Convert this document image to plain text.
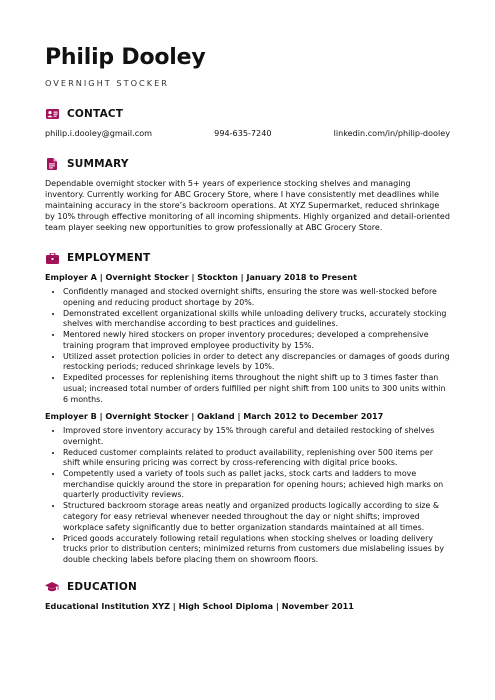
Philip Dooley
OVERNIGHT STOCKER
CONTACT
philip.i.dooley@gmail.com	994-635-7240	linkedin.com/in/philip-dooley
SUMMARY

Dependable overnight stocker with 5+ years of experience stocking shelves and managing inventory. Currently working for ABC Grocery Store, where I have consistently met deadlines while maintaining accuracy in the store’s backroom operations. At XYZ Supermarket, reduced shrinkage by 10% through effective monitoring of all incoming shipments. Highly organized and detail-oriented team player seeking new opportunities to grow professionally at ABC Grocery Store.

EMPLOYMENT

Employer A | Overnight Stocker | Stockton | January 2018 to Present

• Confidently managed and stocked overnight shifts, ensuring the store was well-stocked before opening and reducing product shortage by 20%.
• Demonstrated excellent organizational skills while unloading delivery trucks, accurately stocking shelves with merchandise according to best practices and guidelines.
• Mentored newly hired stockers on proper inventory procedures; developed a comprehensive training program that improved employee productivity by 15%.
• Utilized asset protection policies in order to detect any discrepancies or damages of goods during restocking periods; reduced shrinkage levels by 10%.
• Expedited processes for replenishing items throughout the night shift up to 3 times faster than usual; increased total number of orders fulfilled per night shift from 100 units to 300 units within 6 months.

Employer B | Overnight Stocker | Oakland | March 2012 to December 2017

• Improved store inventory accuracy by 15% through careful and detailed restocking of shelves overnight.
• Reduced customer complaints related to product availability, replenishing over 500 items per shift while ensuring pricing was correct by cross-referencing with digital price books.
• Competently used a variety of tools such as pallet jacks, stock carts and ladders to move merchandise quickly around the store in preparation for opening hours; achieved high marks on quarterly productivity reviews.
• Structured backroom storage areas neatly and organized products logically according to size & category for easy retrieval whenever needed throughout the day or night shifts; improved workplace safety significantly due to better organization standards maintained at all times.
• Priced goods accurately following retail regulations when stocking shelves or loading delivery trucks prior to distribution centers; minimized returns from customers due mislabeling issues by double checking labels before placing them on showroom floors.
EDUCATION
Educational Institution XYZ | High School Diploma | November 2011
